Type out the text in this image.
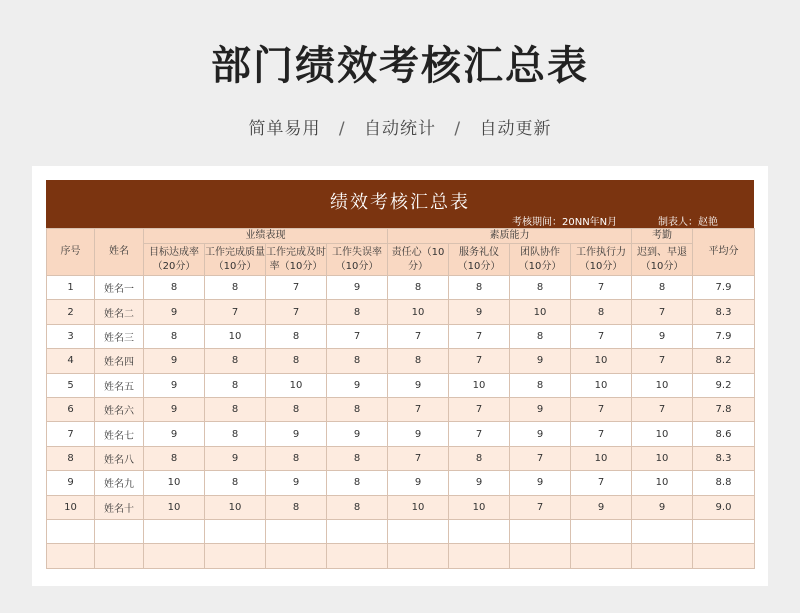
部门绩效考核汇总表
简单易用 / 自动统计 / 自动更新
绩效考核汇总表
考核期间：20NN年N月	制表人：赵艳
序号	姓名	业绩表现				素质能力				考勤	平均分
		目标达成率（20分）	工作完成质量（10分）	工作完成及时率（10分）	工作失误率（10分）	责任心（10分）	服务礼仪（10分）	团队协作（10分）	工作执行力（10分）	迟到、早退（10分）	
1	姓名一	8	8	7	9	8	8	8	7	8	7.9
2	姓名二	9	7	7	8	10	9	10	8	7	8.3
3	姓名三	8	10	8	7	7	7	8	7	9	7.9
4	姓名四	9	8	8	8	8	7	9	10	7	8.2
5	姓名五	9	8	10	9	9	10	8	10	10	9.2
6	姓名六	9	8	8	8	7	7	9	7	7	7.8
7	姓名七	9	8	9	9	9	7	9	7	10	8.6
8	姓名八	8	9	8	8	7	8	7	10	10	8.3
9	姓名九	10	8	9	8	9	9	9	7	10	8.8
10	姓名十	10	10	8	8	10	10	7	9	9	9.0
